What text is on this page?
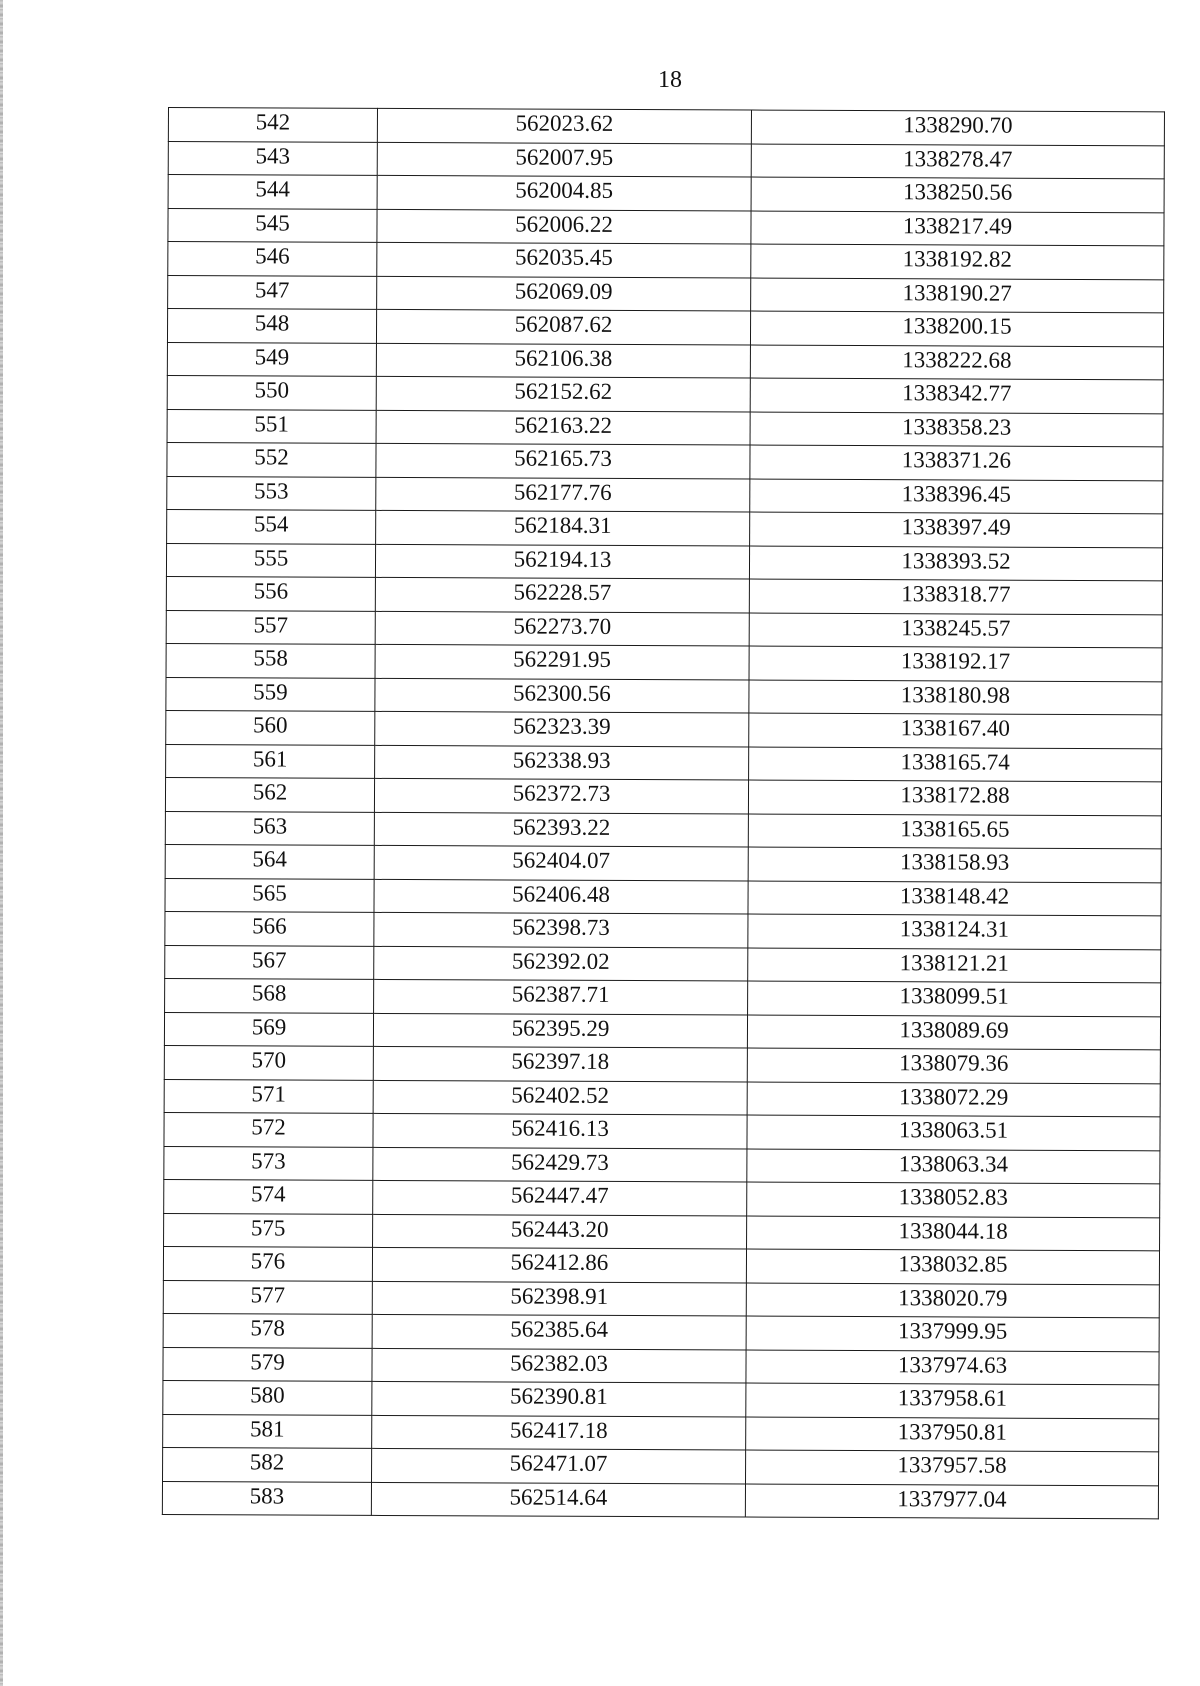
18
542	562023.62	1338290.70

543	562007.95	1338278.47

544	562004.85	1338250.56

545	562006.22	1338217.49

546	562035.45	1338192.82

547	562069.09	1338190.27

548	562087.62	1338200.15

549	562106.38	1338222.68

550	562152.62	1338342.77

551	562163.22	1338358.23

552	562165.73	1338371.26

553	562177.76	1338396.45

554	562184.31	1338397.49

555	562194.13	1338393.52

556	562228.57	1338318.77

557	562273.70	1338245.57

558	562291.95	1338192.17

559	562300.56	1338180.98

560	562323.39	1338167.40

561	562338.93	1338165.74

562	562372.73	1338172.88

563	562393.22	1338165.65

564	562404.07	1338158.93

565	562406.48	1338148.42

566	562398.73	1338124.31

567	562392.02	1338121.21

568	562387.71	1338099.51

569	562395.29	1338089.69

570	562397.18	1338079.36

571	562402.52	1338072.29

572	562416.13	1338063.51

573	562429.73	1338063.34

574	562447.47	1338052.83

575	562443.20	1338044.18

576	562412.86	1338032.85

577	562398.91	1338020.79

578	562385.64	1337999.95

579	562382.03	1337974.63

580	562390.81	1337958.61

581	562417.18	1337950.81

582	562471.07	1337957.58

583	562514.64	1337977.04
